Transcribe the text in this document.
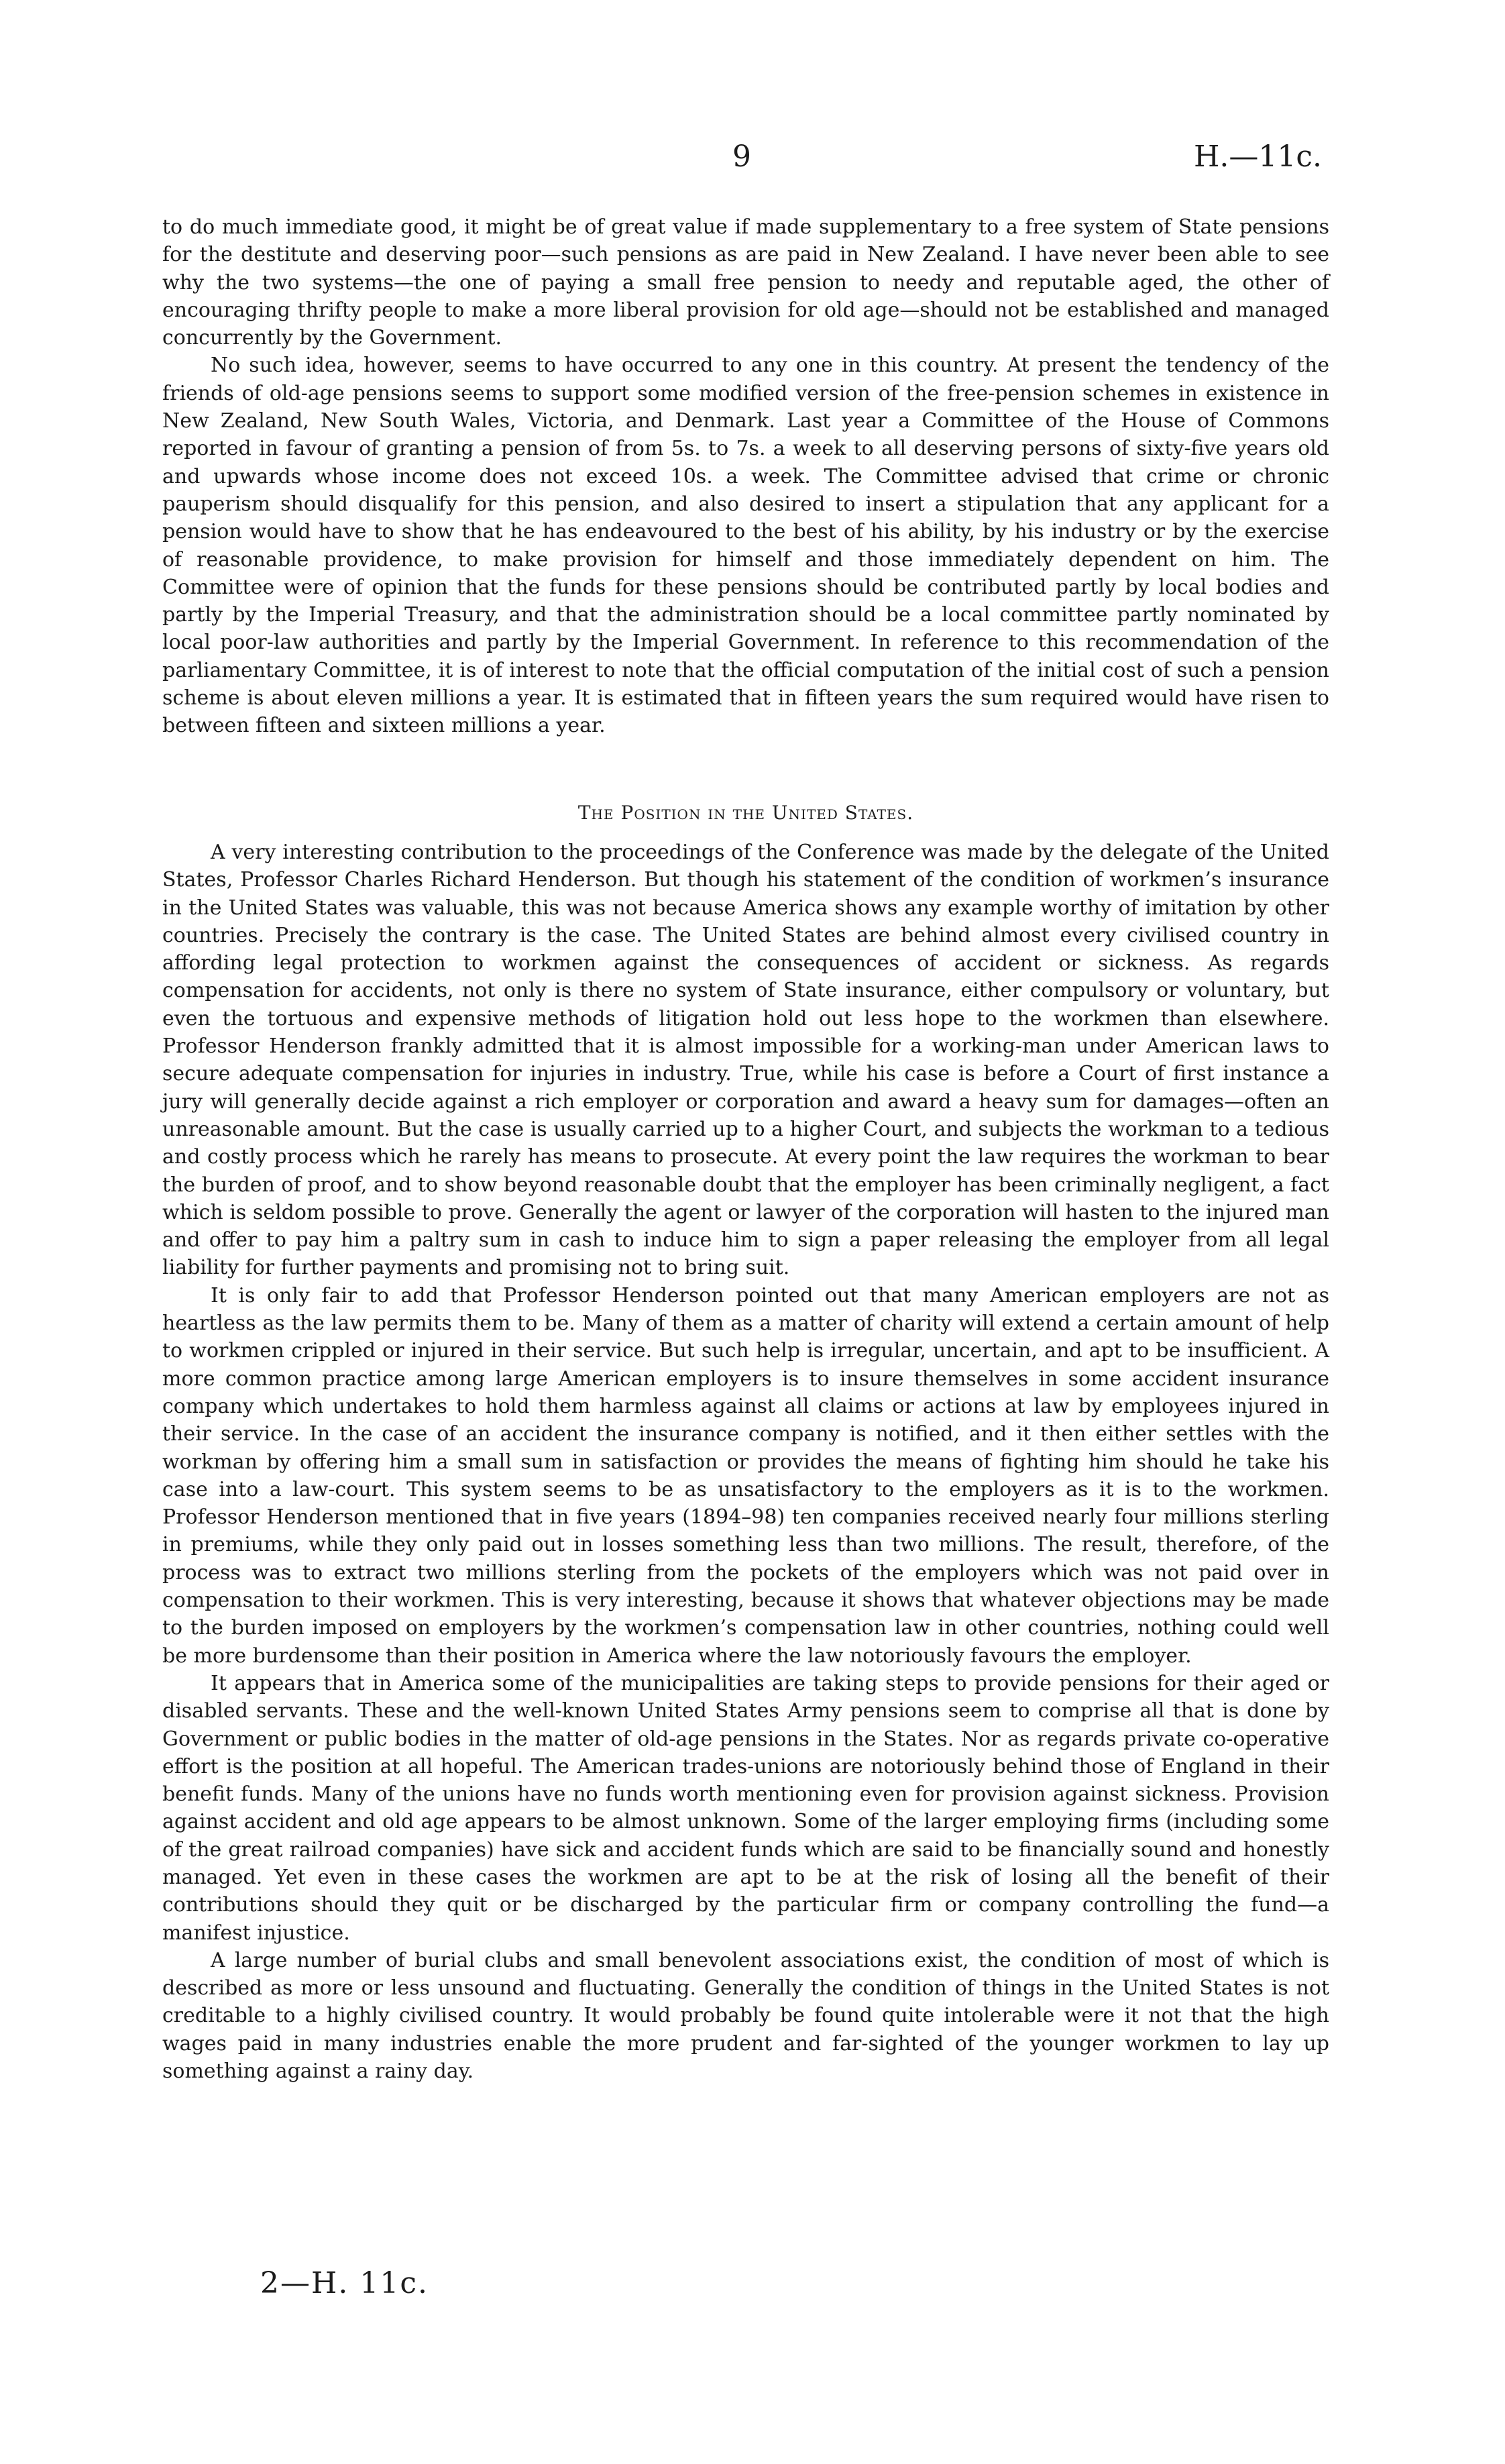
9	H.—11c.

to do much immediate good, it might be of great value if made supplementary to a free system of State pensions for the destitute and deserving poor—such pensions as are paid in New Zealand. I have never been able to see why the two systems—the one of paying a small free pension to needy and reputable aged, the other of encouraging thrifty people to make a more liberal provision for old age—should not be established and managed concurrently by the Government.

No such idea, however, seems to have occurred to any one in this country. At present the tendency of the friends of old-age pensions seems to support some modified version of the free-pension schemes in existence in New Zealand, New South Wales, Victoria, and Denmark. Last year a Committee of the House of Commons reported in favour of granting a pension of from 5s. to 7s. a week to all deserving persons of sixty-five years old and upwards whose income does not exceed 10s. a week. The Committee advised that crime or chronic pauperism should disqualify for this pension, and also desired to insert a stipulation that any applicant for a pension would have to show that he has endeavoured to the best of his ability, by his industry or by the exercise of reasonable providence, to make provision for himself and those immediately dependent on him. The Committee were of opinion that the funds for these pensions should be contributed partly by local bodies and partly by the Imperial Treasury, and that the administration should be a local committee partly nominated by local poor-law authorities and partly by the Imperial Government. In reference to this recommendation of the parliamentary Committee, it is of interest to note that the official computation of the initial cost of such a pension scheme is about eleven millions a year. It is estimated that in fifteen years the sum required would have risen to between fifteen and sixteen millions a year.

The Position in the United States.

A very interesting contribution to the proceedings of the Conference was made by the delegate of the United States, Professor Charles Richard Henderson. But though his statement of the condition of workmen’s insurance in the United States was valuable, this was not because America shows any example worthy of imitation by other countries. Precisely the contrary is the case. The United States are behind almost every civilised country in affording legal protection to workmen against the consequences of accident or sickness. As regards compensation for accidents, not only is there no system of State insurance, either compulsory or voluntary, but even the tortuous and expensive methods of litigation hold out less hope to the workmen than elsewhere. Professor Henderson frankly admitted that it is almost impossible for a working-man under American laws to secure adequate compensation for injuries in industry. True, while his case is before a Court of first instance a jury will generally decide against a rich employer or corporation and award a heavy sum for damages—often an unreasonable amount. But the case is usually carried up to a higher Court, and subjects the workman to a tedious and costly process which he rarely has means to prosecute. At every point the law requires the workman to bear the burden of proof, and to show beyond reasonable doubt that the employer has been criminally negligent, a fact which is seldom possible to prove. Generally the agent or lawyer of the corporation will hasten to the injured man and offer to pay him a paltry sum in cash to induce him to sign a paper releasing the employer from all legal liability for further payments and promising not to bring suit.

It is only fair to add that Professor Henderson pointed out that many American employers are not as heartless as the law permits them to be. Many of them as a matter of charity will extend a certain amount of help to workmen crippled or injured in their service. But such help is irregular, uncertain, and apt to be insufficient. A more common practice among large American employers is to insure themselves in some accident insurance company which undertakes to hold them harmless against all claims or actions at law by employees injured in their service. In the case of an accident the insurance company is notified, and it then either settles with the workman by offering him a small sum in satisfaction or provides the means of fighting him should he take his case into a law-court. This system seems to be as unsatisfactory to the employers as it is to the workmen. Professor Henderson mentioned that in five years (1894–98) ten companies received nearly four millions sterling in premiums, while they only paid out in losses something less than two millions. The result, therefore, of the process was to extract two millions sterling from the pockets of the employers which was not paid over in compensation to their workmen. This is very interesting, because it shows that whatever objections may be made to the burden imposed on employers by the workmen’s compensation law in other countries, nothing could well be more burdensome than their position in America where the law notoriously favours the employer.

It appears that in America some of the municipalities are taking steps to provide pensions for their aged or disabled servants. These and the well-known United States Army pensions seem to comprise all that is done by Government or public bodies in the matter of old-age pensions in the States. Nor as regards private co-operative effort is the position at all hopeful. The American trades-unions are notoriously behind those of England in their benefit funds. Many of the unions have no funds worth mentioning even for provision against sickness. Provision against accident and old age appears to be almost unknown. Some of the larger employing firms (including some of the great railroad companies) have sick and accident funds which are said to be financially sound and honestly managed. Yet even in these cases the workmen are apt to be at the risk of losing all the benefit of their contributions should they quit or be discharged by the particular firm or company controlling the fund—a manifest injustice.

A large number of burial clubs and small benevolent associations exist, the condition of most of which is described as more or less unsound and fluctuating. Generally the condition of things in the United States is not creditable to a highly civilised country. It would probably be found quite intolerable were it not that the high wages paid in many industries enable the more prudent and far-sighted of the younger workmen to lay up something against a rainy day.

2—H. 11c.
